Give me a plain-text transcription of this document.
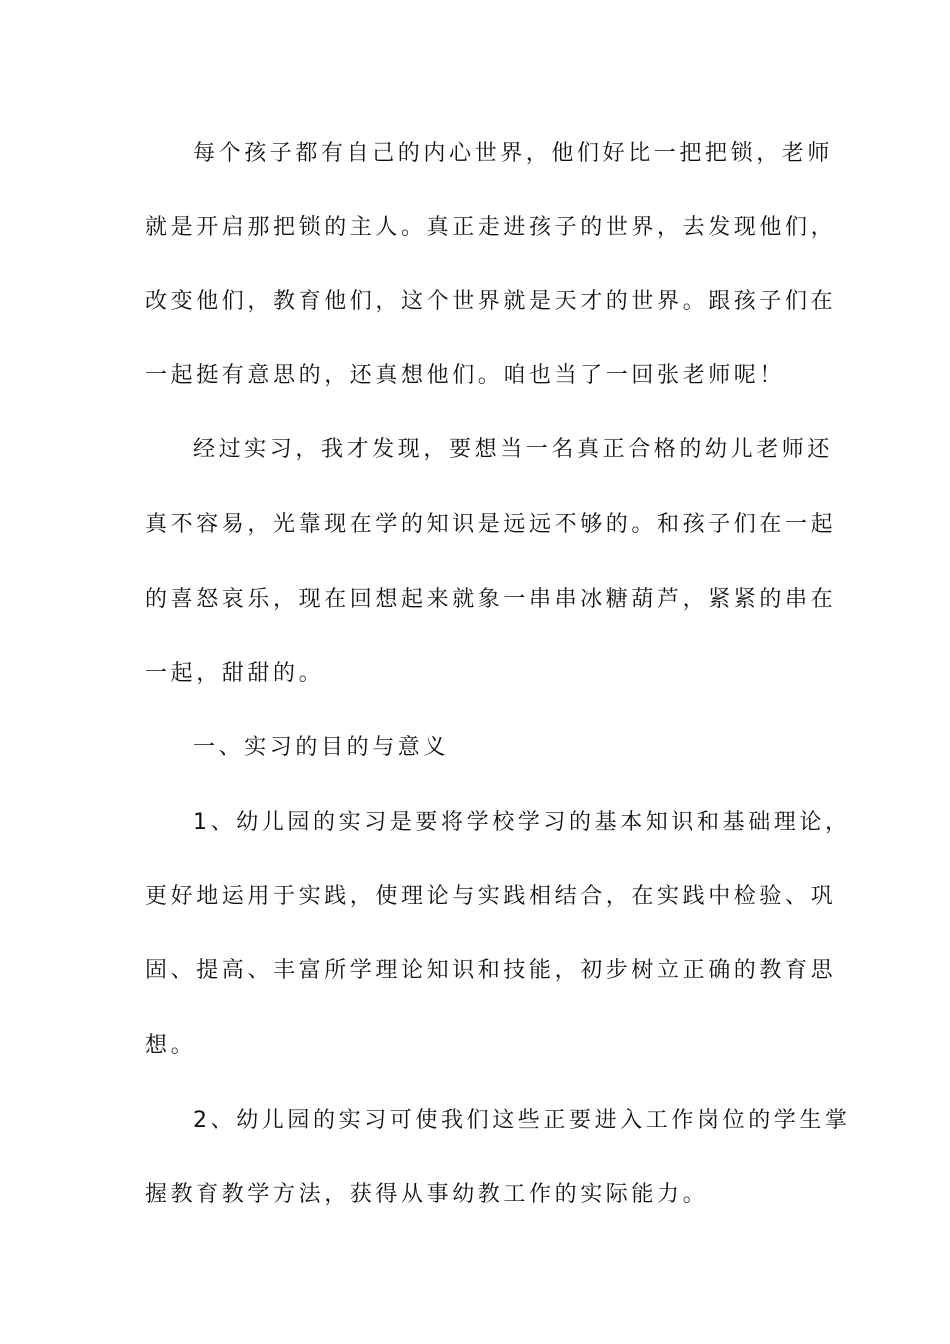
每个孩子都有自己的内心世界，他们好比一把把锁，老师
就是开启那把锁的主人。真正走进孩子的世界，去发现他们，
改变他们，教育他们，这个世界就是天才的世界。跟孩子们在
一起挺有意思的，还真想他们。咱也当了一回张老师呢！
经过实习，我才发现，要想当一名真正合格的幼儿老师还
真不容易，光靠现在学的知识是远远不够的。和孩子们在一起
的喜怒哀乐，现在回想起来就象一串串冰糖葫芦，紧紧的串在
一起，甜甜的。
一、实习的目的与意义
1、幼儿园的实习是要将学校学习的基本知识和基础理论，
更好地运用于实践，使理论与实践相结合，在实践中检验、巩
固、提高、丰富所学理论知识和技能，初步树立正确的教育思
想。
2、幼儿园的实习可使我们这些正要进入工作岗位的学生掌
握教育教学方法，获得从事幼教工作的实际能力。
